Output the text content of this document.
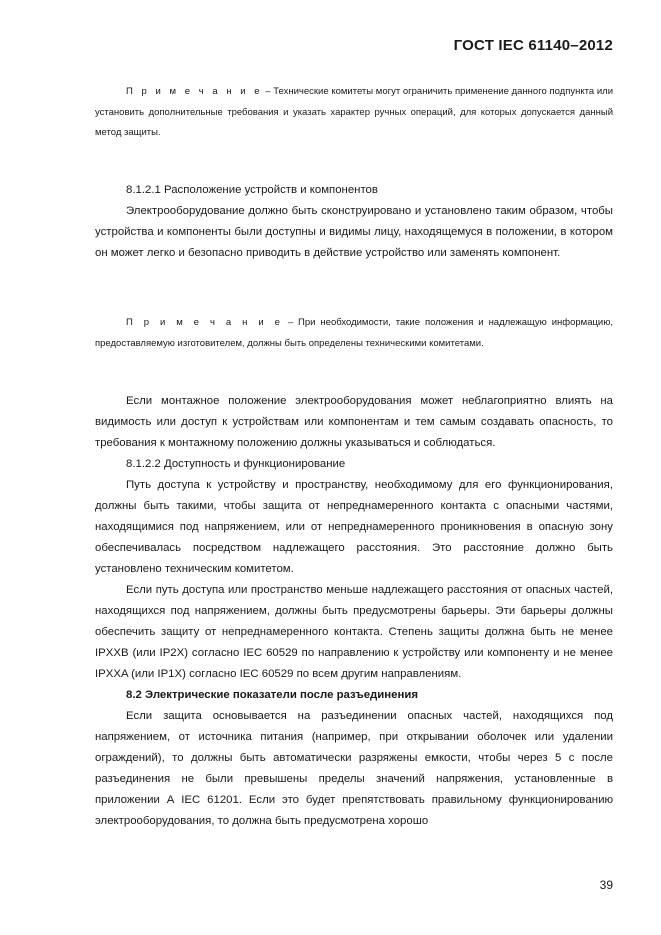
ГОСТ IEC 61140–2012

П р и м е ч а н и е – Технические комитеты могут ограничить применение данного подпункта или установить дополнительные требования и указать характер ручных операций, для которых допускается данный метод защиты.

8.1.2.1 Расположение устройств и компонентов

Электрооборудование должно быть сконструировано и установлено таким образом, чтобы устройства и компоненты были доступны и видимы лицу, находящемуся в положении, в котором он может легко и безопасно приводить в действие устройство или заменять компонент.

П р и м е ч а н и е – При необходимости, такие положения и надлежащую информацию, предоставляемую изготовителем, должны быть определены техническими комитетами.

Если монтажное положение электрооборудования может неблагоприятно влиять на видимость или доступ к устройствам или компонентам и тем самым создавать опасность, то требования к монтажному положению должны указываться и соблюдаться.

8.1.2.2 Доступность и функционирование

Путь доступа к устройству и пространству, необходимому для его функционирования, должны быть такими, чтобы защита от непреднамеренного контакта с опасными частями, находящимися под напряжением, или от непреднамеренного проникновения в опасную зону обеспечивалась посредством надлежащего расстояния. Это расстояние должно быть установлено техническим комитетом.

Если путь доступа или пространство меньше надлежащего расстояния от опасных частей, находящихся под напряжением, должны быть предусмотрены барьеры. Эти барьеры должны обеспечить защиту от непреднамеренного контакта. Степень защиты должна быть не менее IPXXB (или IP2X) согласно IEC 60529 по направлению к устройству или компоненту и не менее IPXXA (или IP1X) согласно IEC 60529 по всем другим направлениям.

8.2 Электрические показатели после разъединения

Если защита основывается на разъединении опасных частей, находящихся под напряжением, от источника питания (например, при открывании оболочек или удалении ограждений), то должны быть автоматически разряжены емкости, чтобы через 5 с после разъединения не были превышены пределы значений напряжения, установленные в приложении А IEC 61201. Если это будет препятствовать правильному функционированию электрооборудования, то должна быть предусмотрена хорошо

39
